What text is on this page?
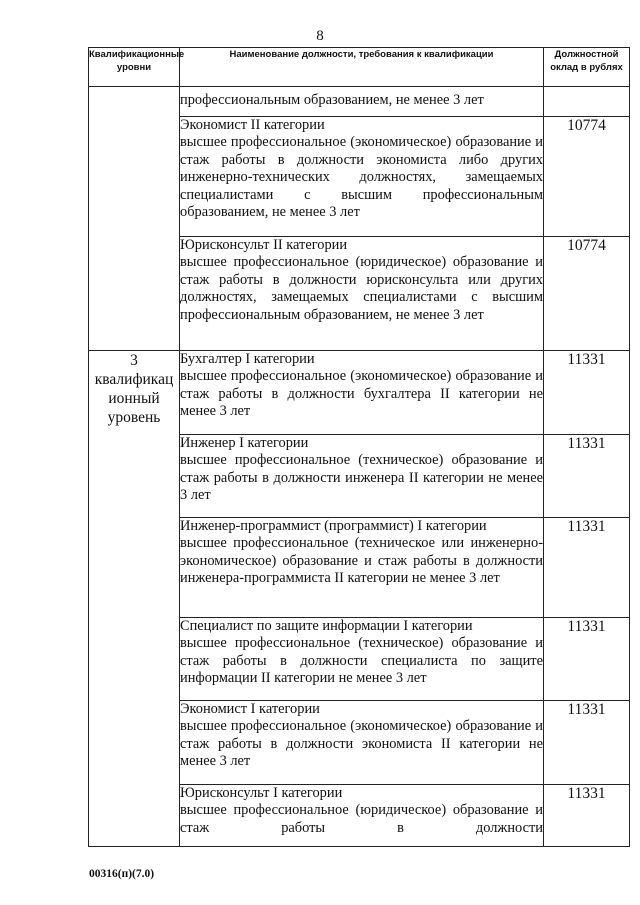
8
Квалификационные уровни	Наименование должности, требования к квалификации	Должностной оклад в рублях
	профессиональным образованием, не менее 3 лет	

	Экономист II категории
высшее профессиональное (экономическое) образование и стаж работы в должности экономиста либо других инженерно-технических должностях, замещаемых специалистами с высшим профессиональным образованием, не менее 3 лет	10774

	Юрисконсульт II категории
высшее профессиональное (юридическое) образование и стаж работы в должности юрисконсульта или других должностях, замещаемых специалистами с высшим профессиональным образованием, не менее 3 лет	10774

3
квалификац
ионный
уровень	Бухгалтер I категории
высшее профессиональное (экономическое) образование и стаж работы в должности бухгалтера II категории не менее 3 лет	11331

	Инженер I категории
высшее профессиональное (техническое) образование и стаж работы в должности инженера II категории не менее 3 лет	11331

	Инженер-программист (программист) I категории
высшее профессиональное (техническое или инженерно-экономическое) образование и стаж работы в должности инженера-программиста II категории не менее 3 лет	11331

	Специалист по защите информации I категории
высшее профессиональное (техническое) образование и стаж работы в должности специалиста по защите информации II категории не менее 3 лет	11331

	Экономист I категории
высшее профессиональное (экономическое) образование и стаж работы в должности экономиста II категории не менее 3 лет	11331

	Юрисконсульт I категории
высшее профессиональное (юридическое) образование и стаж работы в должности	11331
00316(п)(7.0)
